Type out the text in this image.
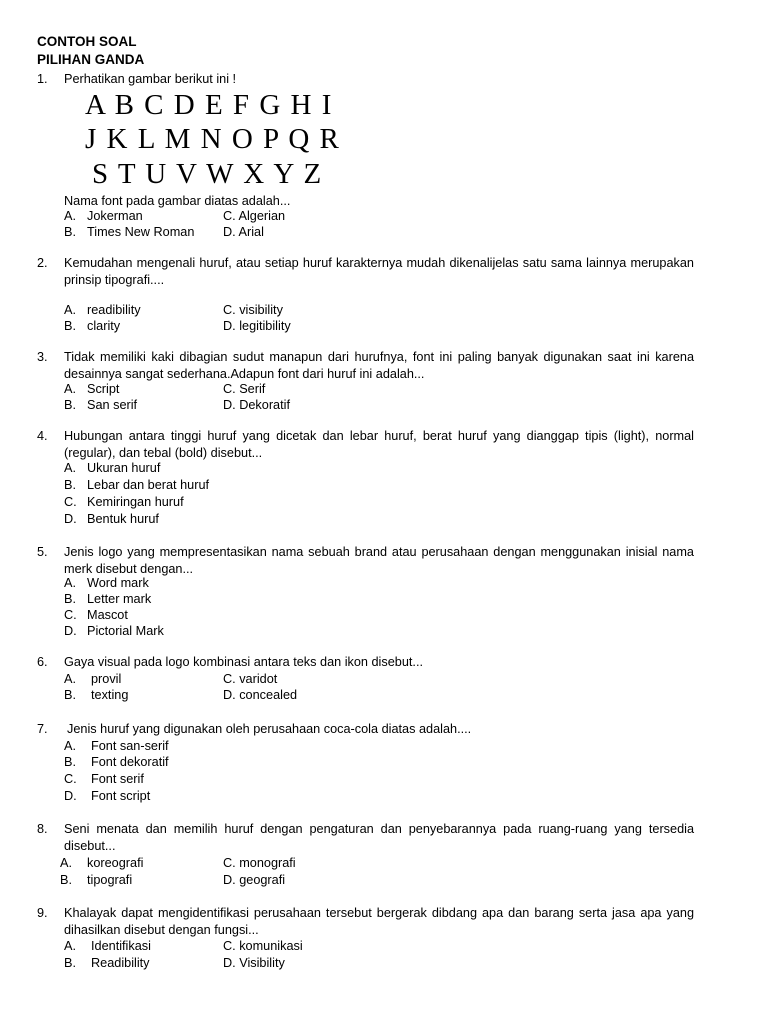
CONTOH SOAL
PILIHAN GANDA
1. Perhatikan gambar berikut ini !
A B C D E F G H I
J K L M N O P Q R
S T U V W X Y Z
Nama font pada gambar diatas adalah...
A. Jokerman	C. Algerian
B. Times New Roman D. Arial
2. Kemudahan mengenali huruf, atau setiap huruf karakternya mudah dikenalijelas satu sama lainnya merupakan prinsip tipografi....
A. readibility	C. visibility
B. clarity	D. legitibility
3. Tidak memiliki kaki dibagian sudut manapun dari hurufnya, font ini paling banyak digunakan saat ini karena desainnya sangat sederhana.Adapun font dari huruf ini adalah...
A. Script	C. Serif
B. San serif	D. Dekoratif
4. Hubungan antara tinggi huruf yang dicetak dan lebar huruf, berat huruf yang dianggap tipis (light), normal (regular), dan tebal (bold) disebut...
A. Ukuran huruf
B. Lebar dan berat huruf
C. Kemiringan huruf
D. Bentuk huruf
5. Jenis logo yang mempresentasikan nama sebuah brand atau perusahaan dengan menggunakan inisial nama merk disebut dengan...
A. Word mark
B. Letter mark
C. Mascot
D. Pictorial Mark
6. Gaya visual pada logo kombinasi antara teks dan ikon disebut...
A. provil	C. varidot
B. texting	D. concealed
7. Jenis huruf yang digunakan oleh perusahaan coca-cola diatas adalah....
A. Font san-serif
B. Font dekoratif
C. Font serif
D. Font script
8. Seni menata dan memilih huruf dengan pengaturan dan penyebarannya pada ruang-ruang yang tersedia disebut...
A. koreografi	C. monografi
B. tipografi	D. geografi
9. Khalayak dapat mengidentifikasi perusahaan tersebut bergerak dibdang apa dan barang serta jasa apa yang dihasilkan disebut dengan fungsi...
A. Identifikasi	C. komunikasi
B. Readibility	D. Visibility
